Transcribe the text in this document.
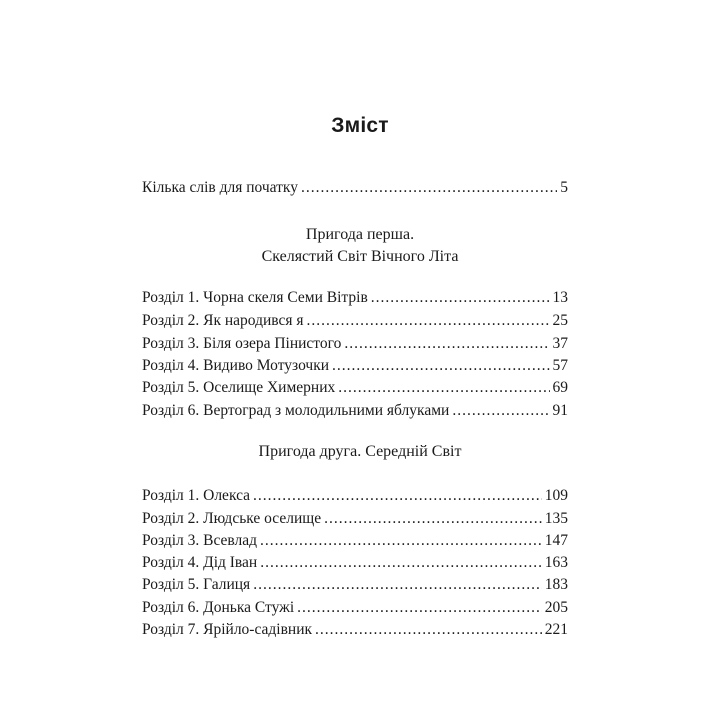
Зміст
Кілька слів для початку .....	5
Пригода перша.
Скелястий Світ Вічного Літа
Розділ 1. Чорна скеля Семи Вітрів .....	13
Розділ 2. Як народився я .....	25
Розділ 3. Біля озера Пінистого .....	37
Розділ 4. Видиво Мотузочки .....	57
Розділ 5. Оселище Химерних .....	69
Розділ 6. Вертоград з молодильними яблуками .....	91
Пригода друга. Середній Світ
Розділ 1. Олекса .....	109
Розділ 2. Людське оселище .....	135
Розділ 3. Всевлад .....	147
Розділ 4. Дід Іван .....	163
Розділ 5. Галиця .....	183
Розділ 6. Донька Стужі .....	205
Розділ 7. Ярійло-садівник .....	221
